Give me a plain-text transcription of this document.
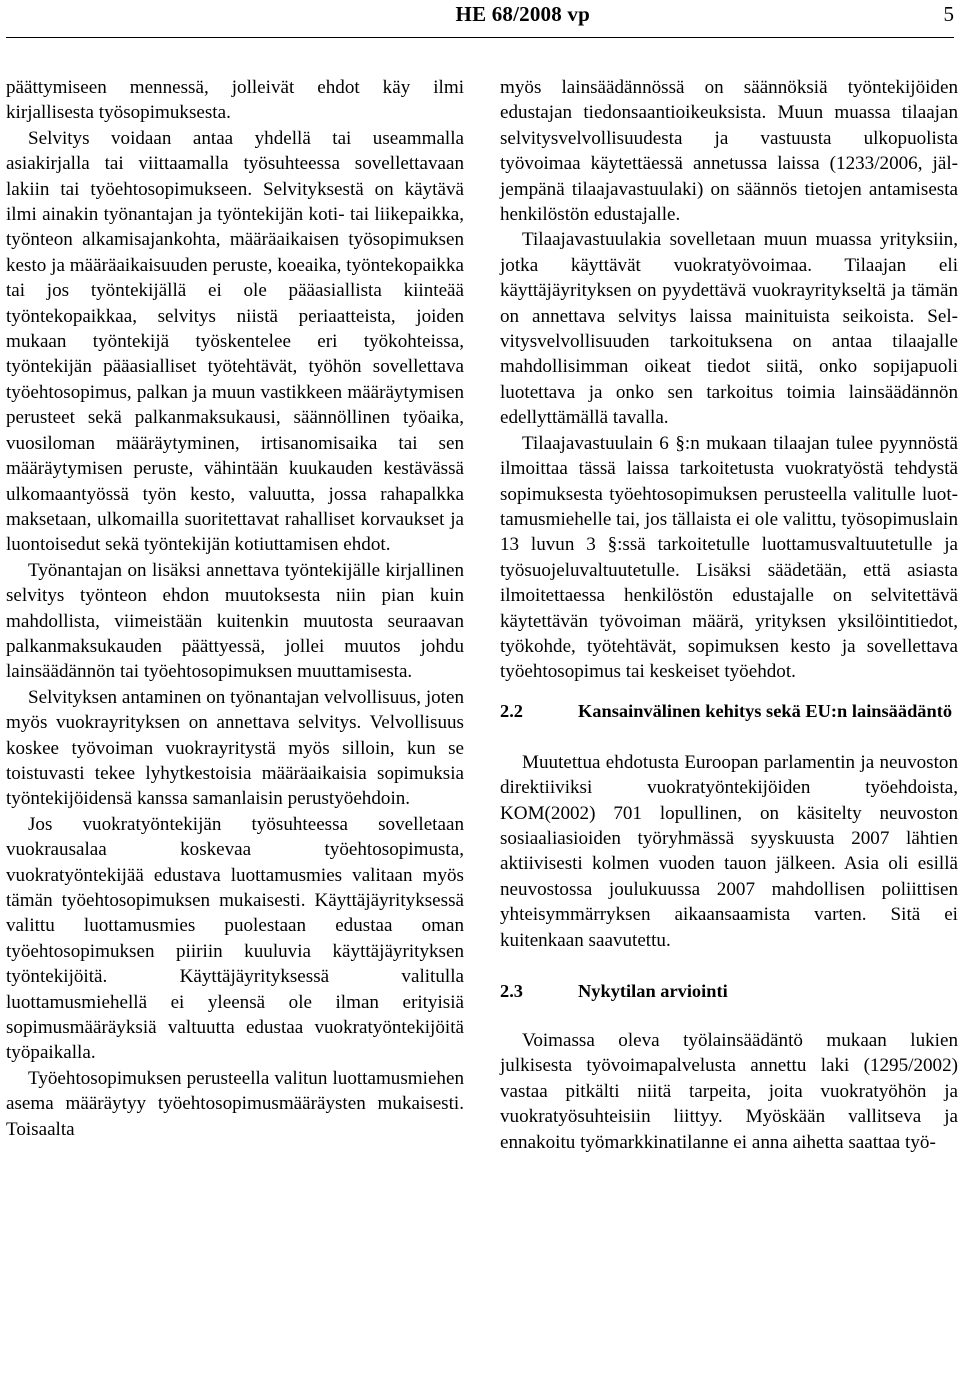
HE 68/2008 vp	5

päättymiseen mennessä, jolleivät ehdot käy ilmi kirjallisesta työsopimuksesta.

Selvitys voidaan antaa yhdellä tai useammalla asiakirjalla tai viittaamalla työsuhteessa sovellettavaan lakiin tai työehtosopimukseen. Selvityksestä on käytävä ilmi ainakin työnantajan ja työntekijän koti- tai liikepaikka, työnteon alkamisajankohta, määräaikaisen työsopimuksen kesto ja määräaikaisuuden peruste, koeaika, työntekopaikka tai jos työntekijällä ei ole pääasiallista kiinteää työntekopaikkaa, selvitys niistä periaatteista, joiden mukaan työntekijä työskentelee eri työkohteissa, työntekijän pääasialliset työtehtävät, työhön sovellettava työehtosopimus, palkan ja muun vastikkeen määräytymisen perusteet sekä palkanmaksukausi, säännöllinen työaika, vuosiloman määräytyminen, irtisanomisaika tai sen määräytymisen peruste, vähintään kuukauden kestävässä ulkomaantyössä työn kesto, valuutta, jossa rahapalkka maksetaan, ulkomailla suoritettavat rahalliset korvaukset ja luontoisedut sekä työntekijän kotiuttamisen ehdot.

Työnantajan on lisäksi annettava työntekijälle kirjallinen selvitys työnteon ehdon muutoksesta niin pian kuin mahdollista, viimeistään kuitenkin muutosta seuraavan palkanmaksukauden päättyessä, jollei muutos johdu lainsäädännön tai työehtosopimuksen muuttamisesta.

Selvityksen antaminen on työnantajan velvollisuus, joten myös vuokrayrityksen on annettava selvitys. Velvollisuus koskee työvoiman vuokrayritystä myös silloin, kun se toistuvasti tekee lyhytkestoisia määräaikaisia sopimuksia työntekijöidensä kanssa samanlaisin perustyöehdoin.

Jos vuokratyöntekijän työsuhteessa sovelletaan vuokrausalaa koskevaa työehtosopimusta, vuokratyöntekijää edustava luottamusmies valitaan myös tämän työehtosopimuksen mukaisesti. Käyttäjäyrityksessä valittu luottamusmies puolestaan edustaa oman työehtosopimuksen piiriin kuuluvia käyttäjäyrityksen työntekijöitä. Käyttäjäyrityksessä valitulla luottamusmiehellä ei yleensä ole ilman erityisiä sopimusmääräyksiä valtuutta edustaa vuokratyöntekijöitä työpaikalla.

Työehtosopimuksen perusteella valitun luottamusmiehen asema määräytyy työehtosopimusmääräysten mukaisesti. Toisaalta

myös lainsäädännössä on säännöksiä työntekijöiden edustajan tiedonsaantioikeuksista. Muun muassa tilaajan selvitysvelvollisuudesta ja vastuusta ulkopuolista työvoimaa käytettäessä annetussa laissa (1233/2006, jäljempänä tilaajavastuulaki) on säännös tietojen antamisesta henkilöstön edustajalle.

Tilaajavastuulakia sovelletaan muun muassa yrityksiin, jotka käyttävät vuokratyövoimaa. Tilaajan eli käyttäjäyrityksen on pyydettävä vuokrayritykseltä ja tämän on annettava selvitys laissa mainituista seikoista. Selvitysvelvollisuuden tarkoituksena on antaa tilaajalle mahdollisimman oikeat tiedot siitä, onko sopijapuoli luotettava ja onko sen tarkoitus toimia lainsäädännön edellyttämällä tavalla.

Tilaajavastuulain 6 §:n mukaan tilaajan tulee pyynnöstä ilmoittaa tässä laissa tarkoitetusta vuokratyöstä tehdystä sopimuksesta työehtosopimuksen perusteella valitulle luottamusmiehelle tai, jos tällaista ei ole valittu, työsopimuslain 13 luvun 3 §:ssä tarkoitetulle luottamusvaltuutetulle ja työsuojeluvaltuutetulle. Lisäksi säädetään, että asiasta ilmoitettaessa henkilöstön edustajalle on selvitettävä käytettävän työvoiman määrä, yrityksen yksilöintitiedot, työkohde, työtehtävät, sopimuksen kesto ja sovellettava työehtosopimus tai keskeiset työehdot.

2.2	Kansainvälinen kehitys sekä EU:n lainsäädäntö

Muutettua ehdotusta Euroopan parlamentin ja neuvoston direktiiviksi vuokratyöntekijöiden työehdoista, KOM(2002) 701 lopullinen, on käsitelty neuvoston sosiaaliasioiden työryhmässä syyskuusta 2007 lähtien aktiivisesti kolmen vuoden tauon jälkeen. Asia oli esillä neuvostossa joulukuussa 2007 mahdollisen poliittisen yhteisymmärryksen aikaansaamista varten. Sitä ei kuitenkaan saavutettu.

2.3	Nykytilan arviointi

Voimassa oleva työlainsäädäntö mukaan lukien julkisesta työvoimapalvelusta annettu laki (1295/2002) vastaa pitkälti niitä tarpeita, joita vuokratyöhön ja vuokratyösuhteisiin liittyy. Myöskään vallitseva ja ennakoitu työmarkkinatilanne ei anna aihetta saattaa työ-
